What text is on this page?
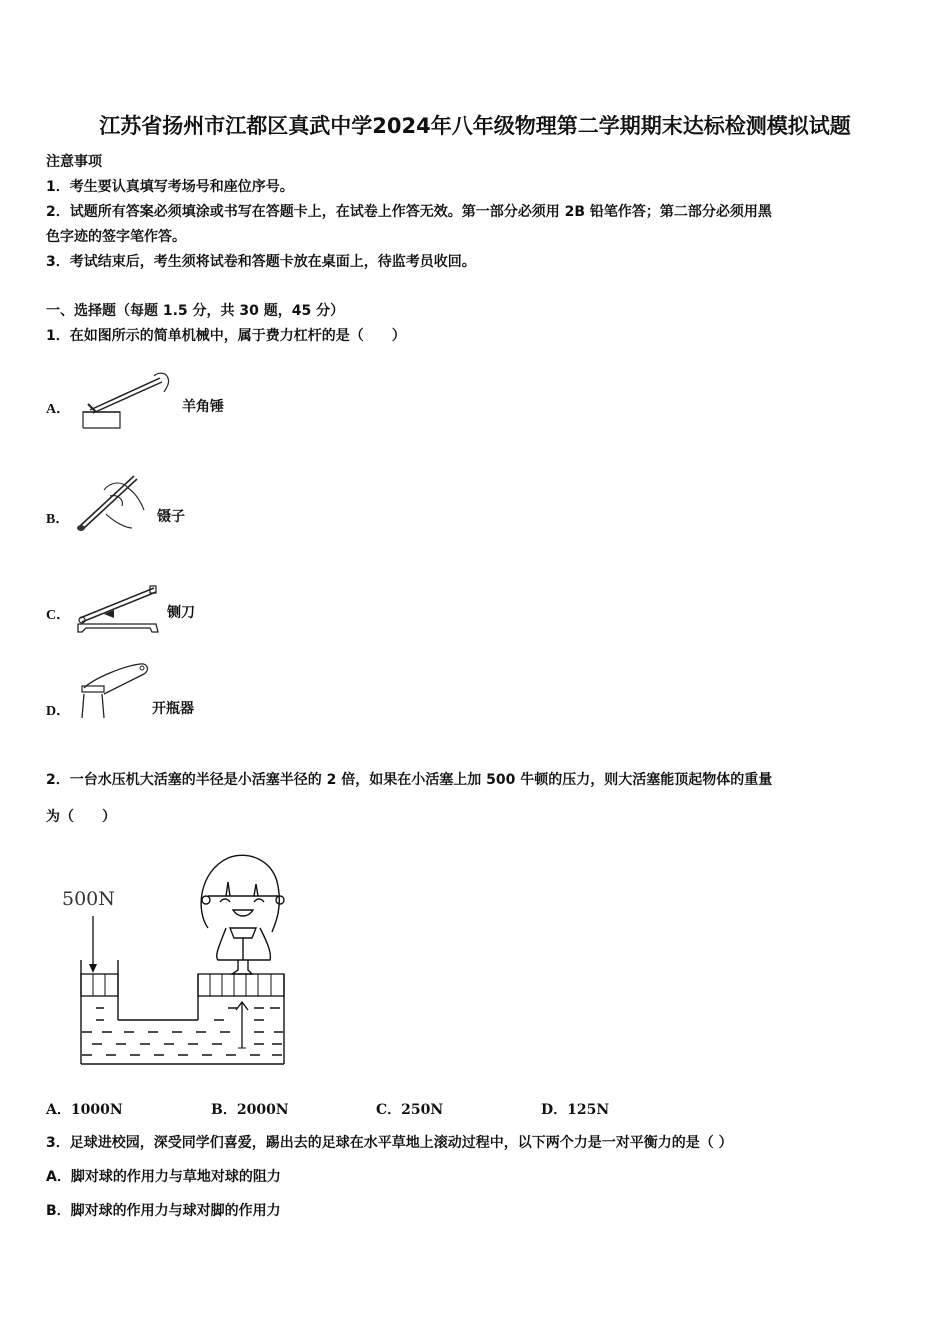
江苏省扬州市江都区真武中学2024年八年级物理第二学期期末达标检测模拟试题
注意事项
1．考生要认真填写考场号和座位序号。
2．试题所有答案必须填涂或书写在答题卡上，在试卷上作答无效。第一部分必须用 2B 铅笔作答；第二部分必须用黑
色字迹的签字笔作答。
3．考试结束后，考生须将试卷和答题卡放在桌面上，待监考员收回。
一、选择题（每题 1.5 分，共 30 题，45 分）
1．在如图所示的简单机械中，属于费力杠杆的是（　　）
A．	羊角锤
B．	镊子
C．	铡刀
D．	开瓶器
2．一台水压机大活塞的半径是小活塞半径的 2 倍，如果在小活塞上加 500 牛顿的压力，则大活塞能顶起物体的重量
为（　　）
500N
A．1000N	B．2000N	C．250N	D．125N
3．足球进校园，深受同学们喜爱，踢出去的足球在水平草地上滚动过程中，以下两个力是一对平衡力的是（ ）
A．脚对球的作用力与草地对球的阻力
B．脚对球的作用力与球对脚的作用力
